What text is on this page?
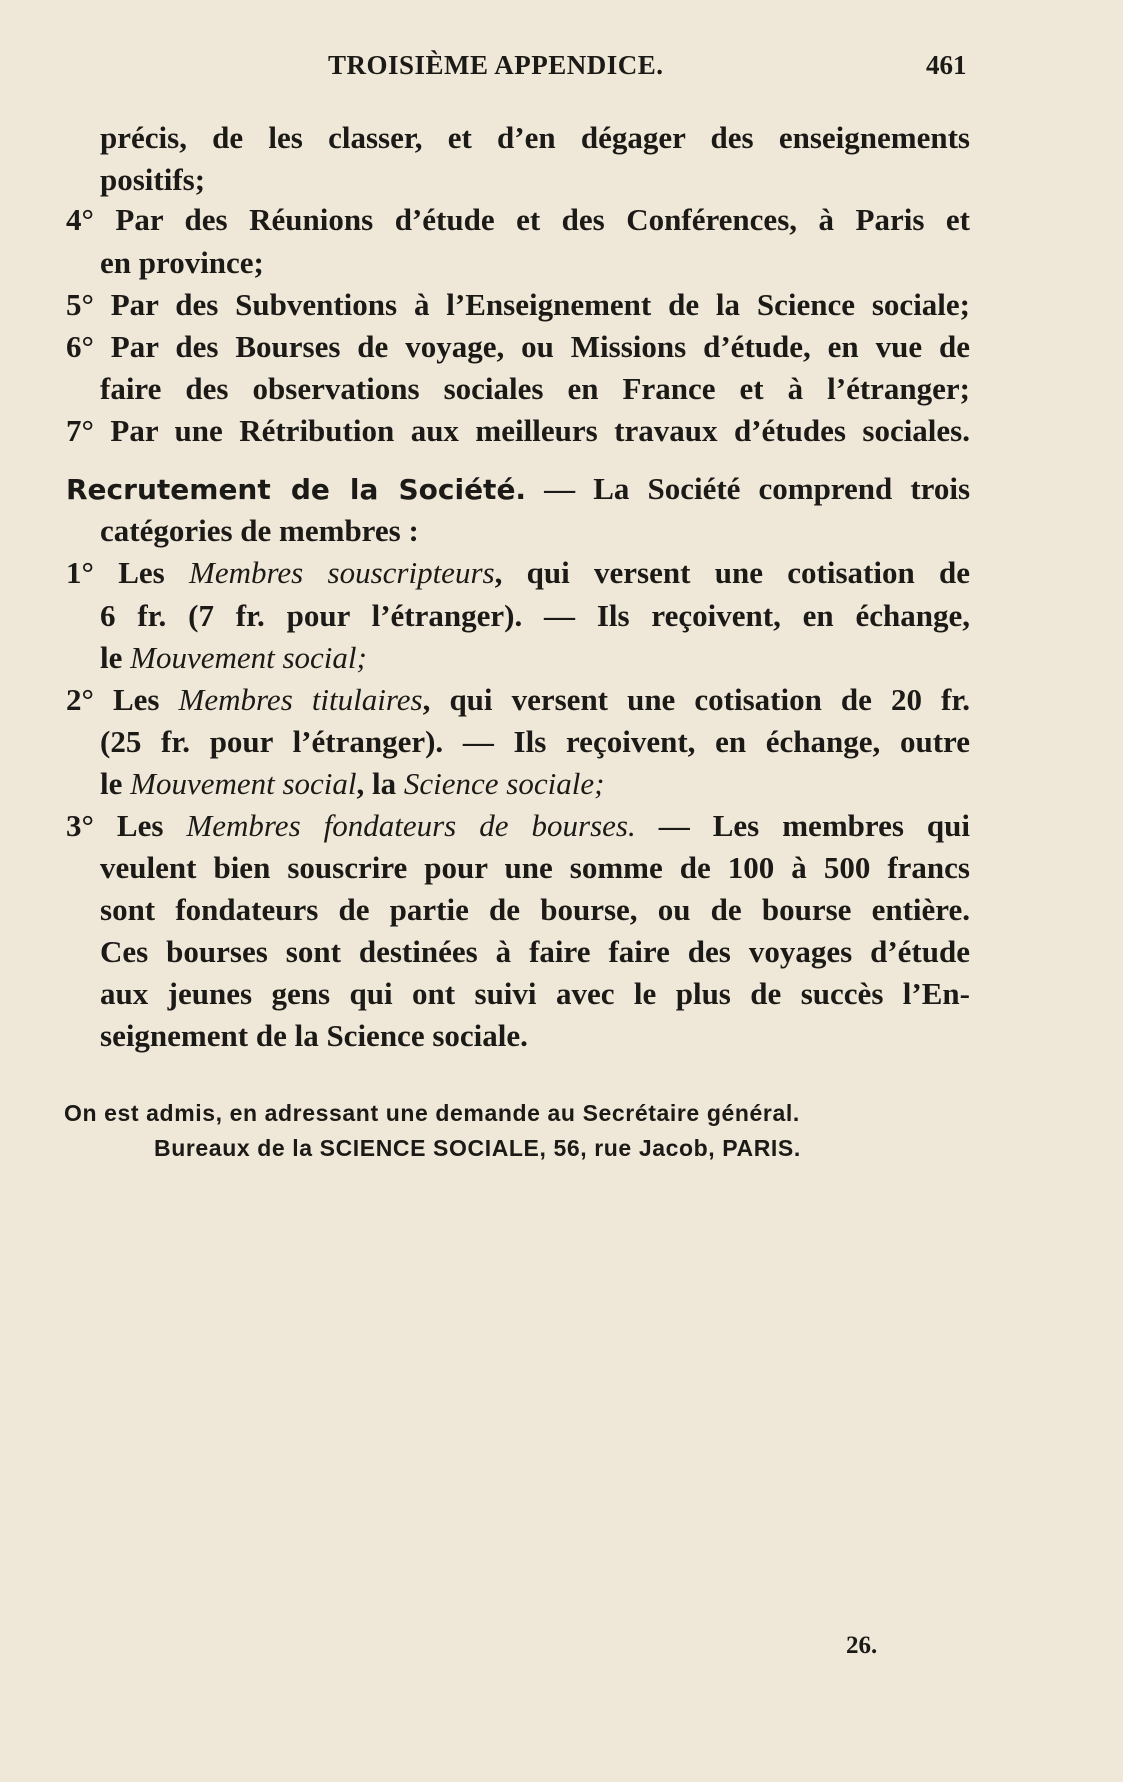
TROISIÈME APPENDICE.	461
précis, de les classer, et d’en dégager des enseignements
positifs;
4° Par des Réunions d’étude et des Conférences, à Paris et
en province;
5° Par des Subventions à l’Enseignement de la Science sociale;
6° Par des Bourses de voyage, ou Missions d’étude, en vue de
faire des observations sociales en France et à l’étranger;
7° Par une Rétribution aux meilleurs travaux d’études sociales.
Recrutement de la Société. — La Société comprend trois
catégories de membres :
1° Les Membres souscripteurs, qui versent une cotisation de
6 fr. (7 fr. pour l’étranger). — Ils reçoivent, en échange,
le Mouvement social;
2° Les Membres titulaires, qui versent une cotisation de 20 fr.
(25 fr. pour l’étranger). — Ils reçoivent, en échange, outre
le Mouvement social, la Science sociale;
3° Les Membres fondateurs de bourses. — Les membres qui
veulent bien souscrire pour une somme de 100 à 500 francs
sont fondateurs de partie de bourse, ou de bourse entière.
Ces bourses sont destinées à faire faire des voyages d’étude
aux jeunes gens qui ont suivi avec le plus de succès l’En-
seignement de la Science sociale.
On est admis, en adressant une demande au Secrétaire général.
Bureaux de la SCIENCE SOCIALE, 56, rue Jacob, PARIS.
26.
